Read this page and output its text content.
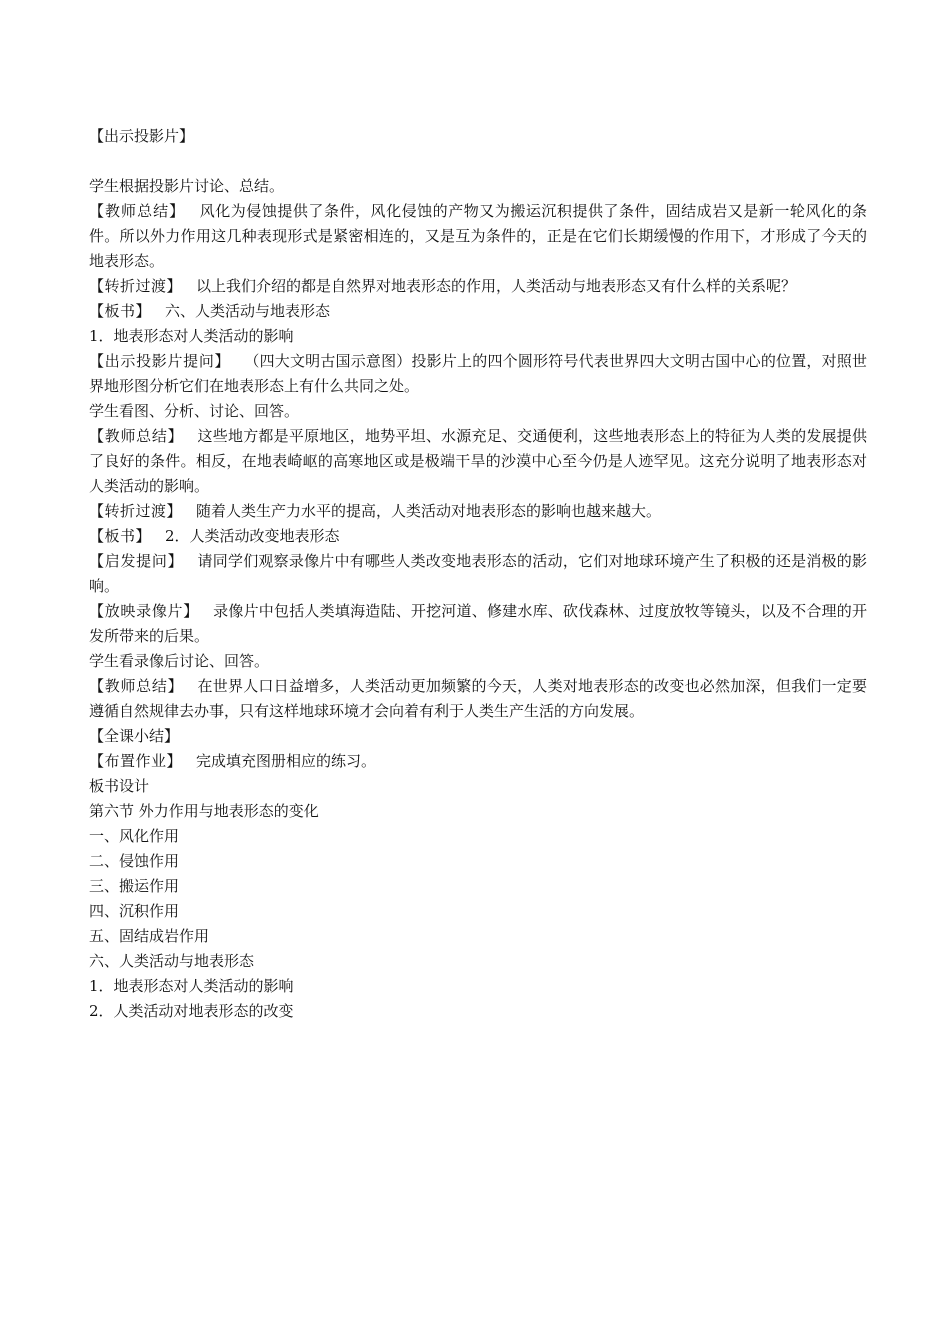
【出示投影片】

学生根据投影片讨论、总结。

【教师总结】 风化为侵蚀提供了条件，风化侵蚀的产物又为搬运沉积提供了条件，固结成岩又是新一轮风化的条件。所以外力作用这几种表现形式是紧密相连的，又是互为条件的，正是在它们长期缓慢的作用下，才形成了今天的地表形态。

【转折过渡】 以上我们介绍的都是自然界对地表形态的作用，人类活动与地表形态又有什么样的关系呢？

【板书】 六、人类活动与地表形态

1．地表形态对人类活动的影响

【出示投影片提问】 （四大文明古国示意图）投影片上的四个圆形符号代表世界四大文明古国中心的位置，对照世界地形图分析它们在地表形态上有什么共同之处。

学生看图、分析、讨论、回答。

【教师总结】 这些地方都是平原地区，地势平坦、水源充足、交通便利，这些地表形态上的特征为人类的发展提供了良好的条件。相反，在地表崎岖的高寒地区或是极端干旱的沙漠中心至今仍是人迹罕见。这充分说明了地表形态对人类活动的影响。

【转折过渡】 随着人类生产力水平的提高，人类活动对地表形态的影响也越来越大。

【板书】 2．人类活动改变地表形态

【启发提问】 请同学们观察录像片中有哪些人类改变地表形态的活动，它们对地球环境产生了积极的还是消极的影响。

【放映录像片】 录像片中包括人类填海造陆、开挖河道、修建水库、砍伐森林、过度放牧等镜头，以及不合理的开发所带来的后果。

学生看录像后讨论、回答。

【教师总结】 在世界人口日益增多，人类活动更加频繁的今天，人类对地表形态的改变也必然加深，但我们一定要遵循自然规律去办事，只有这样地球环境才会向着有利于人类生产生活的方向发展。

【全课小结】

【布置作业】 完成填充图册相应的练习。

板书设计

第六节 外力作用与地表形态的变化

一、风化作用

二、侵蚀作用

三、搬运作用

四、沉积作用

五、固结成岩作用

六、人类活动与地表形态

1．地表形态对人类活动的影响

2．人类活动对地表形态的改变
